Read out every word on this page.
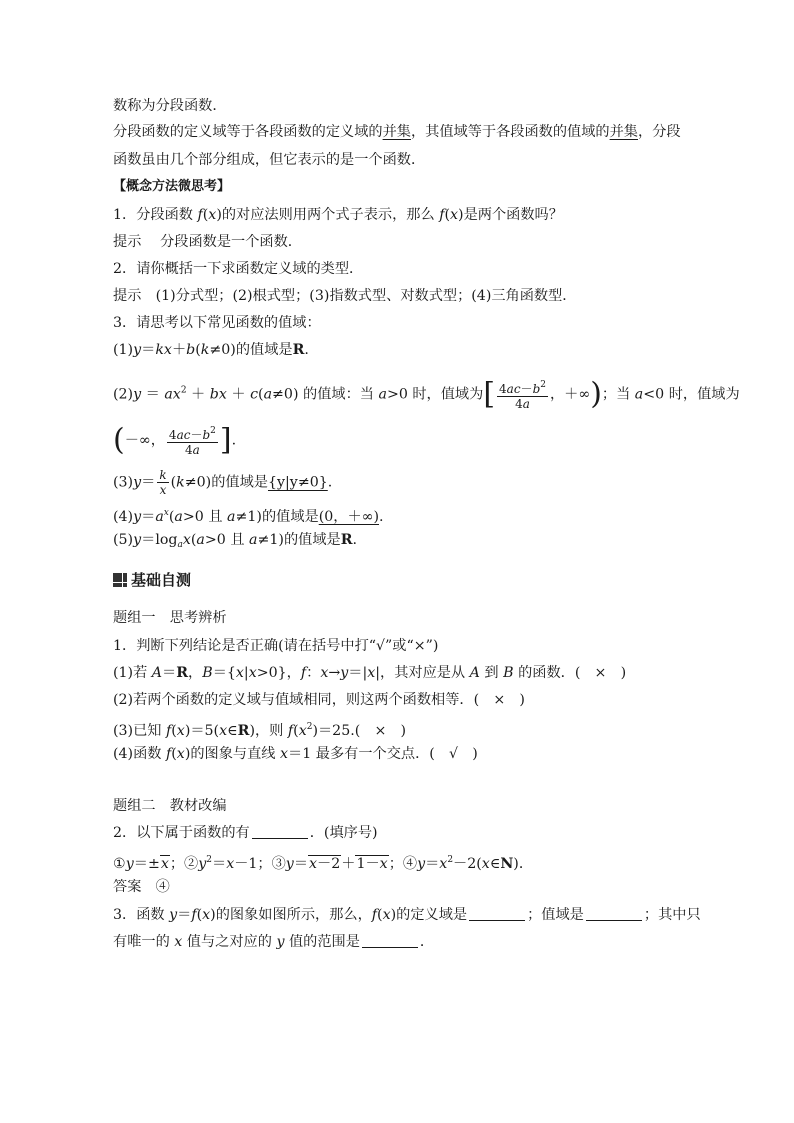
数称为分段函数．
分段函数的定义域等于各段函数的定义域的并集，其值域等于各段函数的值域的并集，分段
函数虽由几个部分组成，但它表示的是一个函数．
【概念方法微思考】
1．分段函数 f(x)的对应法则用两个式子表示，那么 f(x)是两个函数吗？
提示　 分段函数是一个函数．
2．请你概括一下求函数定义域的类型．
提示　 (1)分式型；(2)根式型；(3)指数式型、对数式型；(4)三角函数型．
3．请思考以下常见函数的值域：
(1)y＝kx＋b(k≠0)的值域是R.
$(2)y = ax^2$ ＋ bx ＋ c(a≠0) 的值域：当 a>0 时，值域为[ $\frac{4ac-b^2}{4a}$ ，＋∞)；当 a<0 时，值域为
(－∞， $\frac{4ac-b^2}{4a}$ ].
$(3)y= \frac{k}{x} (k\ne 0)$的值域是{y|y≠0}.
$(4)y=a^x(a>0$ 且 a≠1)的值域是(0，＋∞).
$(5)y=\log_ax(a>0$ 且 a≠1)的值域是R.
基础自测
题组一　思考辨析
1．判断下列结论是否正确(请在括号中打“√”或“×”)
(1)若 A＝R，B＝{x|x>0}，f：x→y＝|x|，其对应是从 A 到 B 的函数．(　×　)
(2)若两个函数的定义域与值域相同，则这两个函数相等．(　×　)
(3)已知 f(x)＝5(x∈R)，则 $f(x^2)=25$.(　×　)
(4)函数 f(x)的图象与直线 x＝1 最多有一个交点．(　√　)
题组二　教材改编
2．以下属于函数的有	．(填序号)
①y＝±x；$②y^2=x-1$；③y＝x－2＋1－x；$④y=x^2-2(x\in N)$．
答案　 ④
3．函数 y＝f(x)的图象如图所示，那么，f(x)的定义域是	；值域是	；其中只
有唯一的 x 值与之对应的 y 值的范围是	．
